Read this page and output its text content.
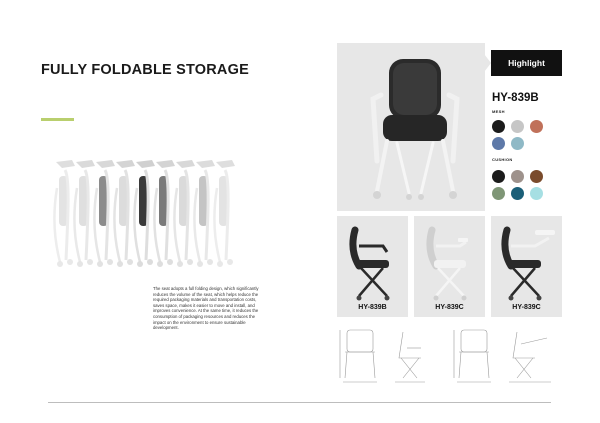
FULLY FOLDABLE STORAGE
The seat adopts a full folding design, which significantly reduces the volume of the seat, which helps reduce the required packaging materials and transportation costs, saves space, makes it easier to move and install, and improves convenience. At the same time, it reduces the consumption of packaging resources and reduces the impact on the environment to ensure sustainable development.
Highlight
HY-839B
MESH
CUSHION
HY-839B	HY-839C	HY-839C
